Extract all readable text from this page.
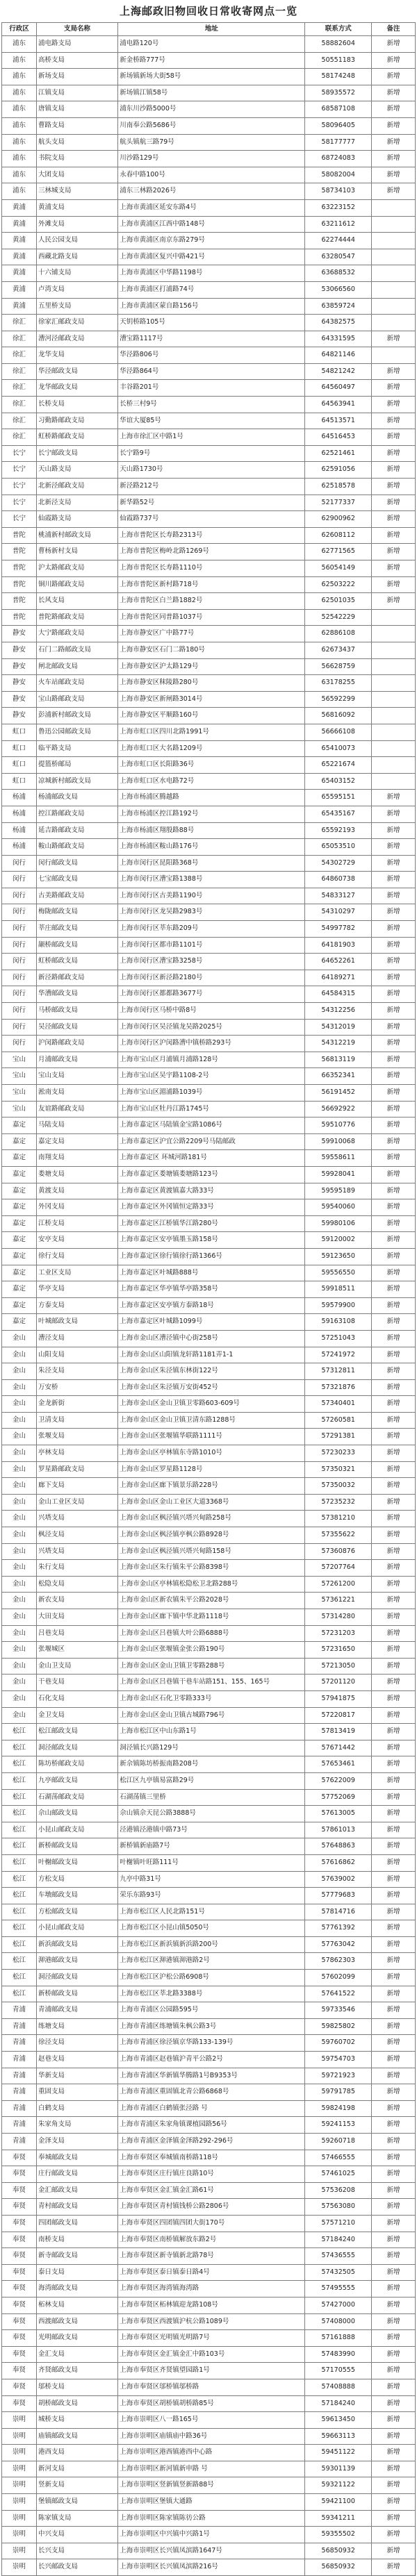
上海邮政旧物回收日常收寄网点一览
行政区	支局名称	地址	联系方式	备注
浦东	浦电路支局	浦电路120号	58882604	新增
浦东	高桥支局	新金桥路777号	50551183	新增
浦东	新场支局	新场镇新场大街58号	58174248	新增
浦东	江镇支局	新场镇江镇58号	58935572	新增
浦东	唐镇支局	浦东川沙路5000号	68587108	新增
浦东	曹路支局	川南奉公路5686号	58096405	新增
浦东	航头支局	航头镇航三路79号	58177777	新增
浦东	书院支局	川沙路129号	68724083	新增
浦东	大团支局	永春中路100号	58082004	新增
浦东	三林城支局	浦东三林路2026号	58734103	新增
黄浦	黄浦支局	上海市黄浦区延安东路4号	63223152	
黄浦	外滩支局	上海市黄浦区江西中路148号	63211612	
黄浦	人民公园支局	上海市黄浦区南京东路279号	62274444	
黄浦	西藏北路支局	上海市黄浦区复兴中路421号	63280547	
黄浦	十六铺支局	上海市黄浦区中华路1198号	63688532	
黄浦	卢湾支局	上海市黄浦区打浦路74号	53066560	
黄浦	五里桥支局	上海市黄浦区蒙自路156号	63859724	
徐汇	徐家汇邮政支局	天钥桥路105号	64382575	
徐汇	漕河泾邮政支局	漕宝路1117号	64331595	新增
徐汇	龙华支局	华泾路806号	64821146	
徐汇	华泾邮政支局	华泾路864号	54821242	新增
徐汇	龙华邮政支局	丰谷路201号	64560497	新增
徐汇	长桥支局	长桥三村9号	64563941	新增
徐汇	习勤路邮政支局	华谊大厦85号	64513571	新增
徐汇	虹桥路邮政支局	上海市徐汇区中路1号	64516453	新增
长宁	长宁邮政支局	长宁路9号	62521461	新增
长宁	天山路支局	天山路1730号	62591056	新增
长宁	北新泾邮政支局	新泾路212号	62518578	新增
长宁	北新泾支局	新华路52号	52177337	新增
长宁	仙霞路支局	仙霞路737号	62900962	新增
普陀	桃浦新村邮政支局	上海市普陀区长寿路2313号	62608112	新增
普陀	曹杨新村支局	上海市普陀区梅岭北路1269号	62771565	新增
普陀	沪太路邮政支局	上海市普陀区长寿路1110号	56054149	新增
普陀	铜川路邮政支局	上海市普陀区新村路718号	62503222	新增
普陀	长风支局	上海市普陀区白兰路1882号	62501035	新增
普陀	普陀路邮政支局	上海市普陀区同普路1037号	52542229	
静安	大宁路邮政支局	上海市静安区广中路77号	62886108	
静安	石门二路邮政支局	上海市静安区石门二路180号	62673437	
静安	闸北邮政支局	上海市静安区沪太路129号	56628759	
静安	火车站邮政支局	上海市静安区秣陵路280号	63178255	
静安	宝山路邮政支局	上海市静安区新闸路3014号	56592299	
静安	彭浦新村邮政支局	上海市静安区平顺路160号	56816092	
虹口	鲁迅公园邮政支局	上海市虹口区四川北路1991号	56666108	
虹口	临平路支局	上海市虹口区大名路1209号	65410073	
虹口	提篮桥邮局	上海市虹口区长阳路36号	65221674	
虹口	凉城新村邮政支局	上海市虹口区水电路72号	65403152	
杨浦	杨浦邮政支局	上海市杨浦区腾越路	65595151	新增
杨浦	控江路邮政支局	上海市杨浦区控江路192号	65435167	新增
杨浦	延吉路邮政支局	上海市杨浦区翔殷路88号	65592193	新增
杨浦	鞍山路邮政支局	上海市杨浦区鞍山路176号	65053510	新增
闵行	闵行邮政支局	上海市闵行区昆阳路368号	54302729	新增
闵行	七宝邮政支局	上海市闵行区漕宝路1388号	64860738	新增
闵行	古美路邮政支局	上海市闵行区古美路1190号	54833127	新增
闵行	梅陇邮政支局	上海市闵行区龙吴路2983号	54310297	新增
闵行	莘庄邮政支局	上海市闵行区莘东路209号	54997782	新增
闵行	颛桥邮政支局	上海市闵行区都市路1101号	64181903	新增
闵行	虹桥邮政支局	上海市闵行区漕宝路3258号	64652261	新增
闵行	新泾路邮政支局	上海市闵行区新泾路2180号	64189271	新增
闵行	华漕邮政支局	上海市闵行区都都路3677号	64584315	新增
闵行	马桥邮政支局	上海市闵行区马桥中路8号	54312256	新增
闵行	吴泾邮政支局	上海市闵行区吴泾镇龙吴路2025号	54312019	新增
闵行	沪闵路邮政支局	上海市闵行区沪闵路漕中镇桥路293号	54312219	新增
宝山	月浦邮政支局	上海市宝山区月浦镇月浦路128号	56813119	新增
宝山	宝山支局	上海市宝山区吴宇路1108-2号	66352341	新增
宝山	淞南支局	上海市宝山区湄浦路1039号	56191452	新增
宝山	友谊路邮政支局	上海市宝山区牡丹江路1745号	56692922	新增
嘉定	马陆支局	上海市嘉定区马陆镇金宝路1086号	59510776	新增
嘉定	嘉定支局	上海市嘉定区沪宜公路2209号马陆邮政	59910068	新增
嘉定	南翔支局	上海市嘉定区 环城河路181号	59558611	新增
嘉定	娄塘支局	上海市嘉定区娄塘镇娄塘路123号	59928041	新增
嘉定	黄渡支局	上海市嘉定区黄渡镇嘉大路33号	59595189	新增
嘉定	外冈支局	上海市嘉定区外冈镇恒定路33号	59540060	新增
嘉定	江桥支局	上海市嘉定区江桥镇华江路280号	59980106	新增
嘉定	安亭支局	上海市嘉定区安亭镇墨玉路158号	59120002	新增
嘉定	徐行支局	上海市嘉定区徐行镇徐行路1366号	59123650	新增
嘉定	工业区支局	上海市嘉定区叶城路888号	59556550	新增
嘉定	华亭支局	上海市嘉定区华亭镇华亭路358号	59918511	新增
嘉定	方泰支局	上海市嘉定区安亭镇方泰路18号	59579900	新增
嘉定	叶城邮政支局	上海市嘉定区叶城路1099号	59163108	新增
金山	漕泾支局	上海市金山区漕泾镇中心街258号	57251043	新增
金山	山阳支局	上海市金山区山阳镇龙轩路1181弄1-1	57241972	新增
金山	朱泾支局	上海市金山区朱泾镇东林街122号	57312811	新增
金山	万安桥	上海市金山区朱泾镇万安街452号	57321876	新增
金山	金龙新街	上海市金山区金山卫镇卫零路603-609号	57340401	新增
金山	卫清支局	上海市金山区金山卫镇卫清东路1288号	57260581	新增
金山	张堰支局	上海市金山区张堰镇华联路1111号	57291381	新增
金山	亭林支局	上海市金山区亭林镇东寺路1010号	57230233	新增
金山	罗星路邮政支局	上海市金山区罗星路1128号	57350321	新增
金山	廊下支局	上海市金山区廊下镇景乐路228号	57350032	新增
金山	金山工业区支局	上海市金山区金山工业区大道3368号	57235232	新增
金山	兴塔支局	上海市金山区枫泾镇兴塔兴甸路258号	57381210	新增
金山	枫泾支局	上海市金山区枫泾镇亭枫公路8928号	57355622	新增
金山	兴塔支局	上海市金山区枫泾镇兴塔兴甸路158号	57360876	新增
金山	朱行支局	上海市金山区朱行镇朱平公路8398号	57207764	新增
金山	松隐支局	上海市金山区亭林镇松隐松卫北路288号	57261200	新增
金山	新农支局	上海市金山区新农镇朱平公路2028号	57361221	新增
金山	大田支局	上海市金山区廊下镇中华北路1118号	57314280	新增
金山	吕巷支局	上海市金山区吕巷镇大叶公路6888号	57231203	新增
金山	张堰城区	上海市金山区张堰镇金张公路190号	57231650	新增
金山	金山卫支局	上海市金山区金山卫镇卫零路288号	57213050	新增
金山	干巷支局	上海市金山区吕巷镇干巷车站路151、155、165号	57201120	新增
金山	石化支局	上海市金山区石化卫零路333号	57941875	新增
金山	金卫支局	上海市金山区金山卫镇古城路796号	57220817	新增
松江	松江邮政支局	上海市松江区中山东路1号	57813419	新增
松江	洞泾邮政支局	洞泾镇长兴路129号	57671442	新增
松江	陈坊桥邮政支局	新佘镇陈坊桥振南路208号	57653461	新增
松江	九亭邮政支局	松江区九亭镇易富路29号	57622009	新增
松江	石湖荡邮政支局	石湖荡镇三里桥	57752069	新增
松江	佘山邮政支局	佘山镇佘天昆公路3888号	57613005	新增
松江	小昆山邮政支局	泾港镇泾港镇中路73号	57861013	新增
松江	新桥邮政支局	新桥镇新庙路7号	57648863	新增
松江	叶榭邮政支局	叶榭镇叶旺路111号	57616862	新增
松江	方松支局	九亭中路31号	57639002	新增
松江	车墩邮政支局	荣乐东路93号	57779683	新增
松江	方松邮政支局	上海市松江区人民北路151号	57814716	新增
松江	小昆山邮政支局	上海市松江区小昆山镇5050号	57761392	新增
松江	新浜邮政支局	上海市松江区新浜镇新浜路200号	57763042	新增
松江	泖港邮政支局	上海市松江区泖港镇泖港路2号	57862303	新增
松江	洞泾邮政支局	上海市松江区沪松公路6908号	57602099	新增
松江	新桥邮政支局	上海市松江区莘北路3388号	57641522	新增
青浦	青浦邮政支局	上海市青浦区公园路595号	59733546	新增
青浦	练塘支局	上海市青浦区练塘镇朱枫公路3号	59825802	新增
青浦	徐泾支局	上海市青浦区徐泾镇京华路133-139号	59760702	新增
青浦	赵巷支局	上海市青浦区赵巷镇沪青平公路2号	59754703	新增
青浦	华新支局	上海市青浦区华新镇华腾路1号B9353号	59721923	新增
青浦	重固支局	上海市青浦区重固镇北青公路6868号	59791785	新增
青浦	白鹤支局	上海市青浦区白鹤镇张泾路 号	59824198	新增
青浦	朱家角支局	上海市青浦区朱家角镇课植园路56号	59241153	新增
青浦	金泽支局	上海市青浦区金泽镇金泽路292-296号	59260718	新增
奉贤	奉城邮政支局	上海市奉贤区奉城镇南桥路118号	57466555	新增
奉贤	庄行邮政支局	上海市奉贤区庄行镇庄良路10号	57461025	新增
奉贤	金汇邮政支局	上海市奉贤区金汇镇金汇路61号	57536208	新增
奉贤	青村邮政支局	上海市奉贤区青村镇钱桥公路2806号	57563080	新增
奉贤	四团邮政支局	上海市奉贤区四团镇四团大街170号	57571210	新增
奉贤	南桥支局	上海市奉贤区南桥镇解放东路2号	57184240	新增
奉贤	新寺邮政支局	上海市奉贤区新寺镇新北路78号	57436555	新增
奉贤	泰日支局	上海市奉贤区泰日镇泰日路4号	57432505	新增
奉贤	海湾邮政支局	上海市奉贤区海湾镇海湾路	57495555	新增
奉贤	柘林支局	上海市奉贤区柘林镇迎龙路108号	57427000	新增
奉贤	西渡邮政支局	上海市奉贤区西渡镇沪杭公路1089号	57408000	新增
奉贤	光明邮政支局	上海市奉贤区光明镇光明路7号	57161888	新增
奉贤	金汇支局	上海市奉贤区金汇镇金汇中路103号	57483990	新增
奉贤	齐贤邮政支局	上海市奉贤区齐贤镇望园路1号	57170555	新增
奉贤	邬桥支局	上海市奉贤区邬桥镇邬桥路	57408888	新增
奉贤	胡桥邮政支局	上海市奉贤区胡桥镇胡桥路85号	57184240	新增
崇明	城桥支局	上海市崇明区八一路165号	59613450	新增
崇明	庙镇邮政支局	上海市崇明区庙镇庙中路36号	59663113	新增
崇明	港西支局	上海市崇明区港西镇港西中心路	59451122	新增
崇明	新河支局	上海市崇明区新河镇新申路 号	59301139	新增
崇明	竖新支局	上海市崇明区竖新镇竖新路88号	59321122	新增
崇明	堡镇邮政支局	上海市崇明区堡镇大通路	59421100	新增
崇明	陈家镇支局	上海市崇明区陈家镇陈彷公路	59341211	新增
崇明	中兴支局	上海市崇明区中兴镇中兴路1号	59355502	新增
崇明	长兴支局	上海市崇明区长兴镇凤滨路1647号	56850932	新增
崇明	长兴邮政支局	上海市崇明区长兴镇凤滨路216号	56850932	新增
